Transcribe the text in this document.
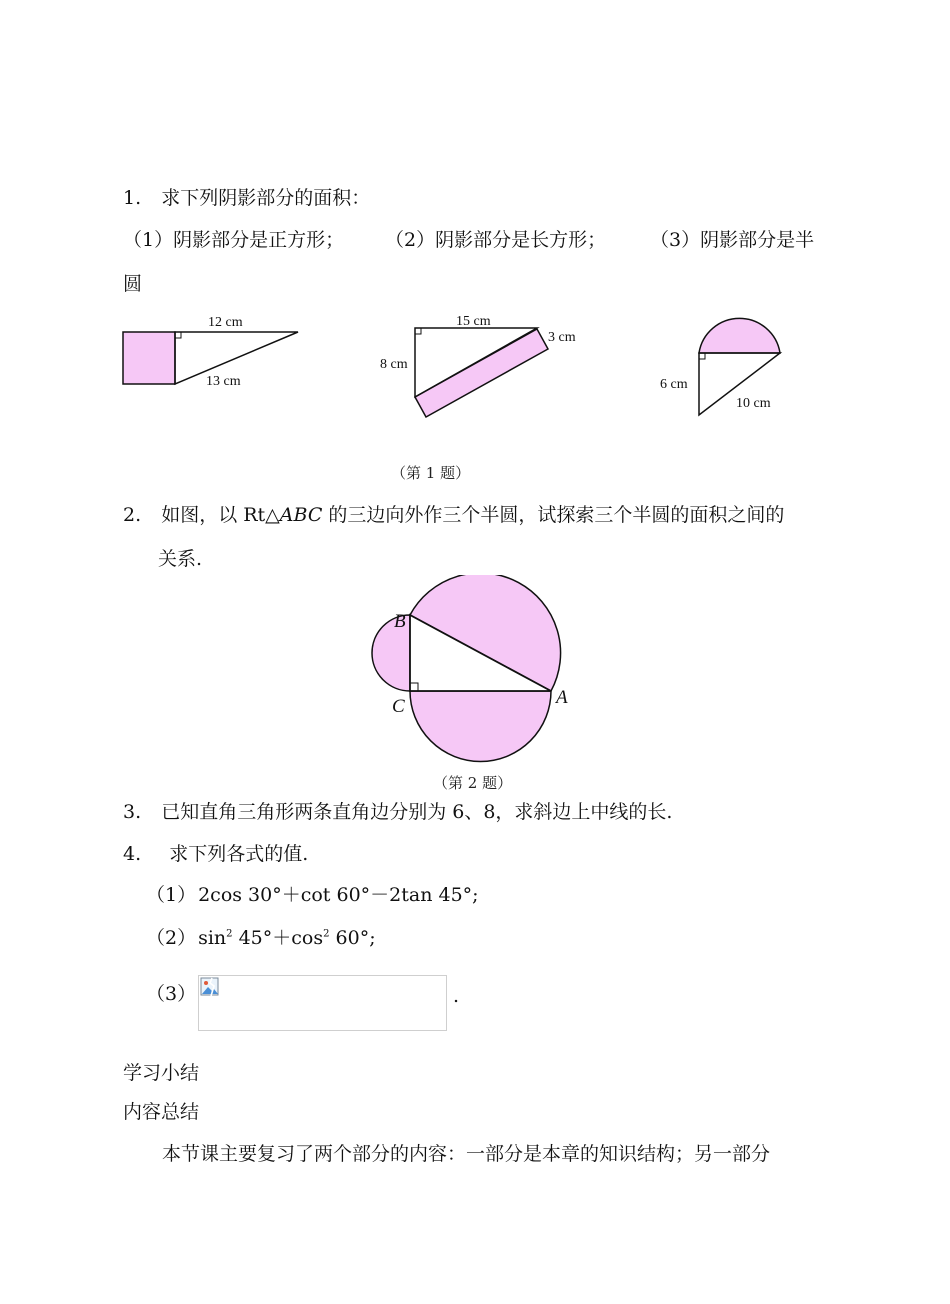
1. 求下列阴影部分的面积：
（1）阴影部分是正方形； （2）阴影部分是长方形； （3）阴影部分是半
圆
12 cm
13 cm
15 cm
8 cm
3 cm
6 cm
10 cm
（第 1 题）
2. 如图，以 Rt△ABC 的三边向外作三个半圆，试探索三个半圆的面积之间的
关系.
B
C	A
（第 2 题）
3. 已知直角三角形两条直角边分别为 6、8，求斜边上中线的长.
4. 求下列各式的值.
（1） 2cos 30°＋cot 60°－2tan 45°;
（2） $\sin^2 45^\circ+\cos^2$ 60°;
（3）	.
学习小结
内容总结
本节课主要复习了两个部分的内容：一部分是本章的知识结构；另一部分
